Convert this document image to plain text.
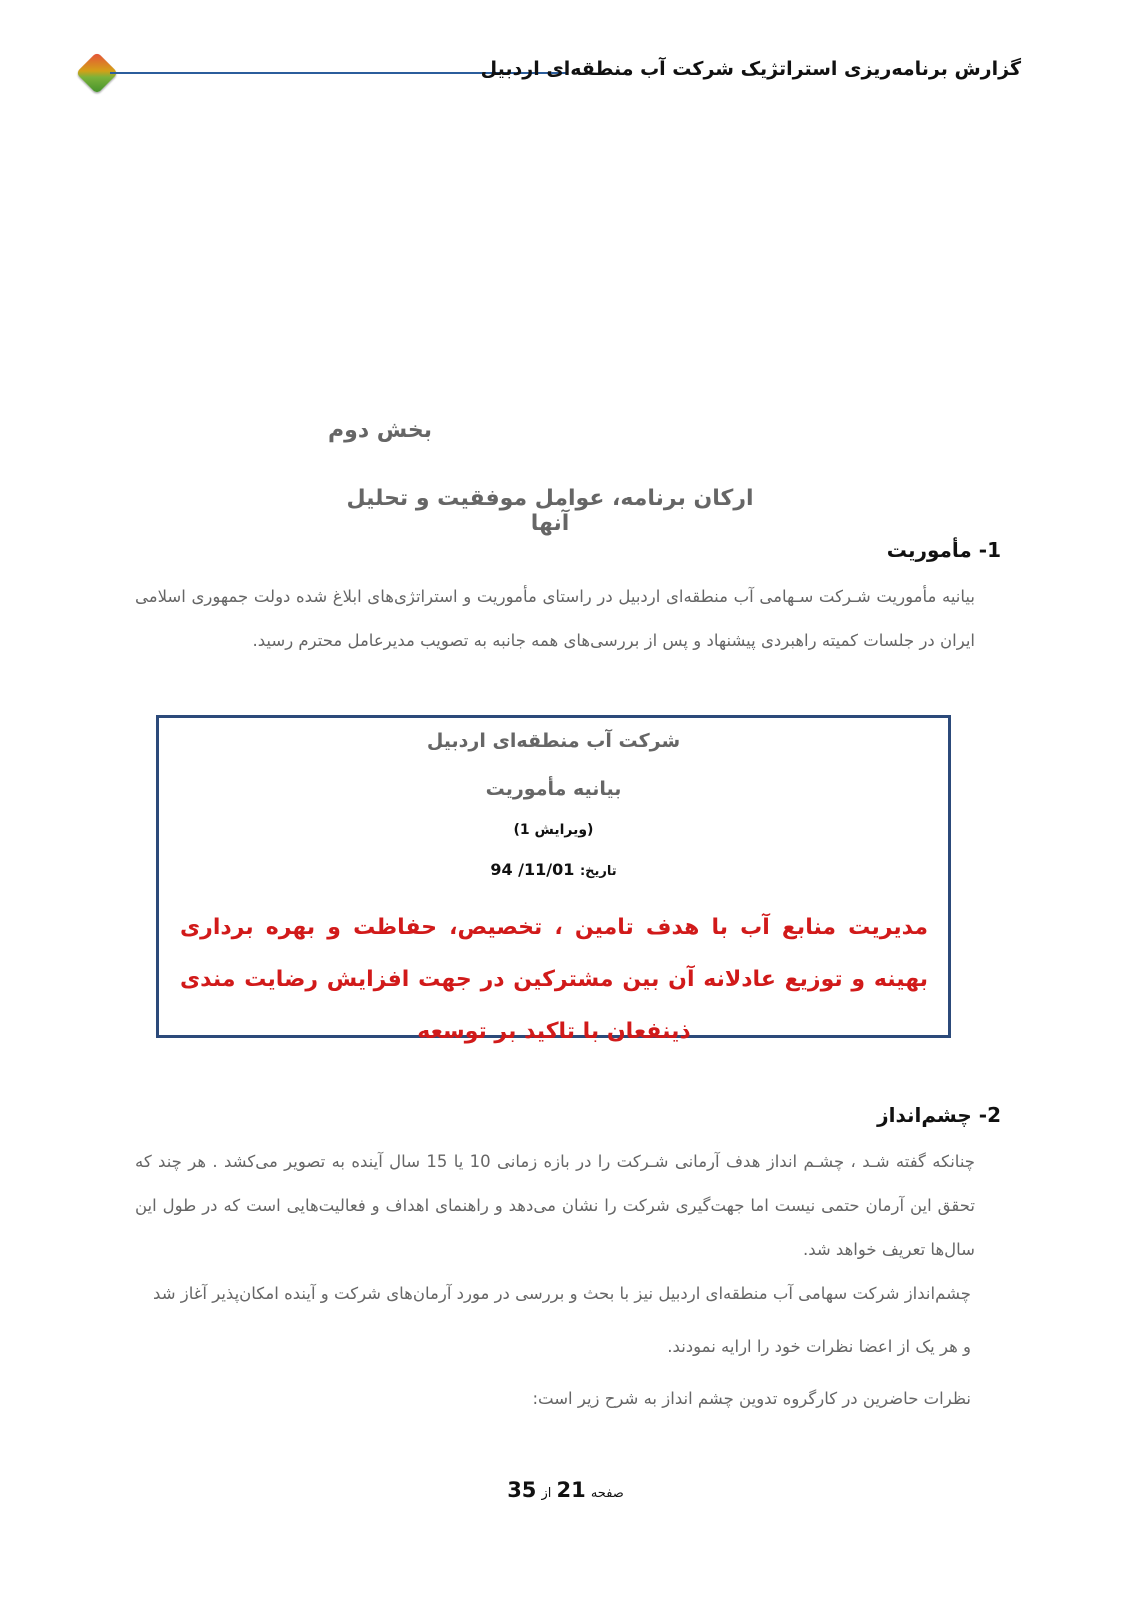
گزارش برنامه‌ریزی استراتژیک شرکت آب منطقه‌ای اردبیل
بخش دوم
ارکان برنامه، عوامل موفقیت و تحلیل آنها
1- مأموریت
بیانیه مأموریت شـرکت سـهامی آب منطقه‌ای اردبیل در راستای مأموریت و استراتژی‌های ابلاغ شده دولت جمهوری اسلامی ایران در جلسات کمیته راهبردی پیشنهاد و پس از بررسی‌های همه جانبه به تصویب مدیرعامل محترم رسید.
شرکت آب منطقه‌ای اردبیل
بیانیه مأموریت
(ویرایش 1)
تاریخ: 94 /11/01
مدیریت منابع آب با هدف تامین ، تخصیص، حفاظت و بهره برداری بهینه و توزیع عادلانه آن بین مشترکین در جهت افزایش رضایت مندی ذینفعان با تاکید بر توسعه
2- چشم‌انداز
چنانکه گفته شـد ، چشـم انداز هدف آرمانی شـرکت را در بازه زمانی 10 یا 15 سال آینده به تصویر می‌کشد . هر چند که تحقق این آرمان حتمی نیست اما جهت‌گیری شرکت را نشان می‌دهد و راهنمای اهداف و فعالیت‌هایی است که در طول این سال‌ها تعریف خواهد شد.
چشم‌انداز شرکت سهامی آب منطقه‌ای اردبیل نیز با بحث و بررسی در مورد آرمان‌های شرکت و آینده امکان‌پذیر آغاز شد
و هر یک از اعضا نظرات خود را ارایه نمودند.
نظرات حاضرین در کارگروه تدوین چشم انداز به شرح زیر است:
صفحه 21 از 35
